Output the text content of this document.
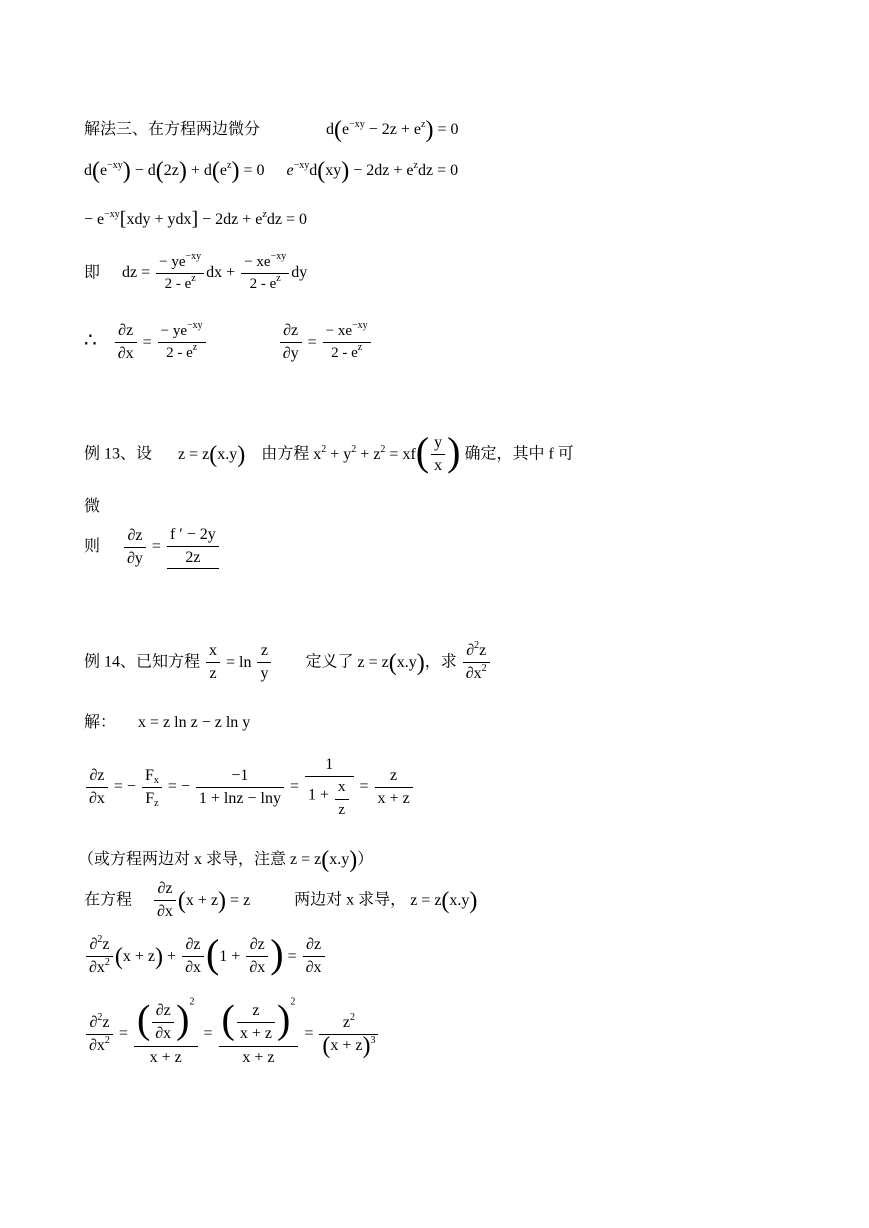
解法三、在方程两边微分	$d(e^{-xy} - 2z + e^z) = 0$
$d(e^{-xy}) - d(2z) + d(e^z) = 0$ $e^{-xy}d(xy) - 2dz + e^zdz = 0$
− $e^{-xy}[xdy + ydx] - 2dz + e^zdz = 0$
即 dz = $\frac{- ye^{-xy}}{2 - e^z}$ dx + $\frac{- xe^{-xy}}{2 - e^z}$ dy
∴ $\frac{\partial z}{\partial x} = \frac{- ye^{-xy}}{2 - e^z}$
	$\frac{\partial z}{\partial y} = \frac{- xe^{-xy}}{2 - e^z}$
例 13、设 z = z(x.y) 由方程 $x^2 + y^2 + z^2 = xf( \frac{y}{x}$ ) 确定，其中 f 可
微
则 $\frac{\partial z}{\partial y} = \frac{f ' - 2y}{2z}$
例 14、已知方程 $\frac{x}{z} = \ln \frac{z}{y}$ 定义了 z = z(x.y)，求 $\frac{\partial^2z}{\partial x^2}$
解： x = z ln z − z ln y
$\frac{\partial z}{\partial x}$ = − $\frac{F_x}{F_z}$ = − $\frac{-1}{1 + \ln z - \ln y} = \frac{1}{1 + \frac{x}{z}} = \frac{z}{x + z}$
（或方程两边对 x 求导，注意 z = z(x.y)）
在方程 $\frac{\partial z}{\partial x} (x + z) = z$	两边对 x 求导， z = z(x.y)
$\frac{\partial^2z}{\partial x^2} (x + z) + \frac{\partial z}{\partial x} (1 + \frac{\partial z}{\partial x}$ ) = $\frac{\partial z}{\partial x}$
$\frac{\partial^2z}{\partial x^2} = \frac{( \frac{\partial z}{\partial x} )^2}{x + z} = \frac{( \frac{z}{x + z} )^2}{x + z} = \frac{z^2}{(x + z)^3}$
